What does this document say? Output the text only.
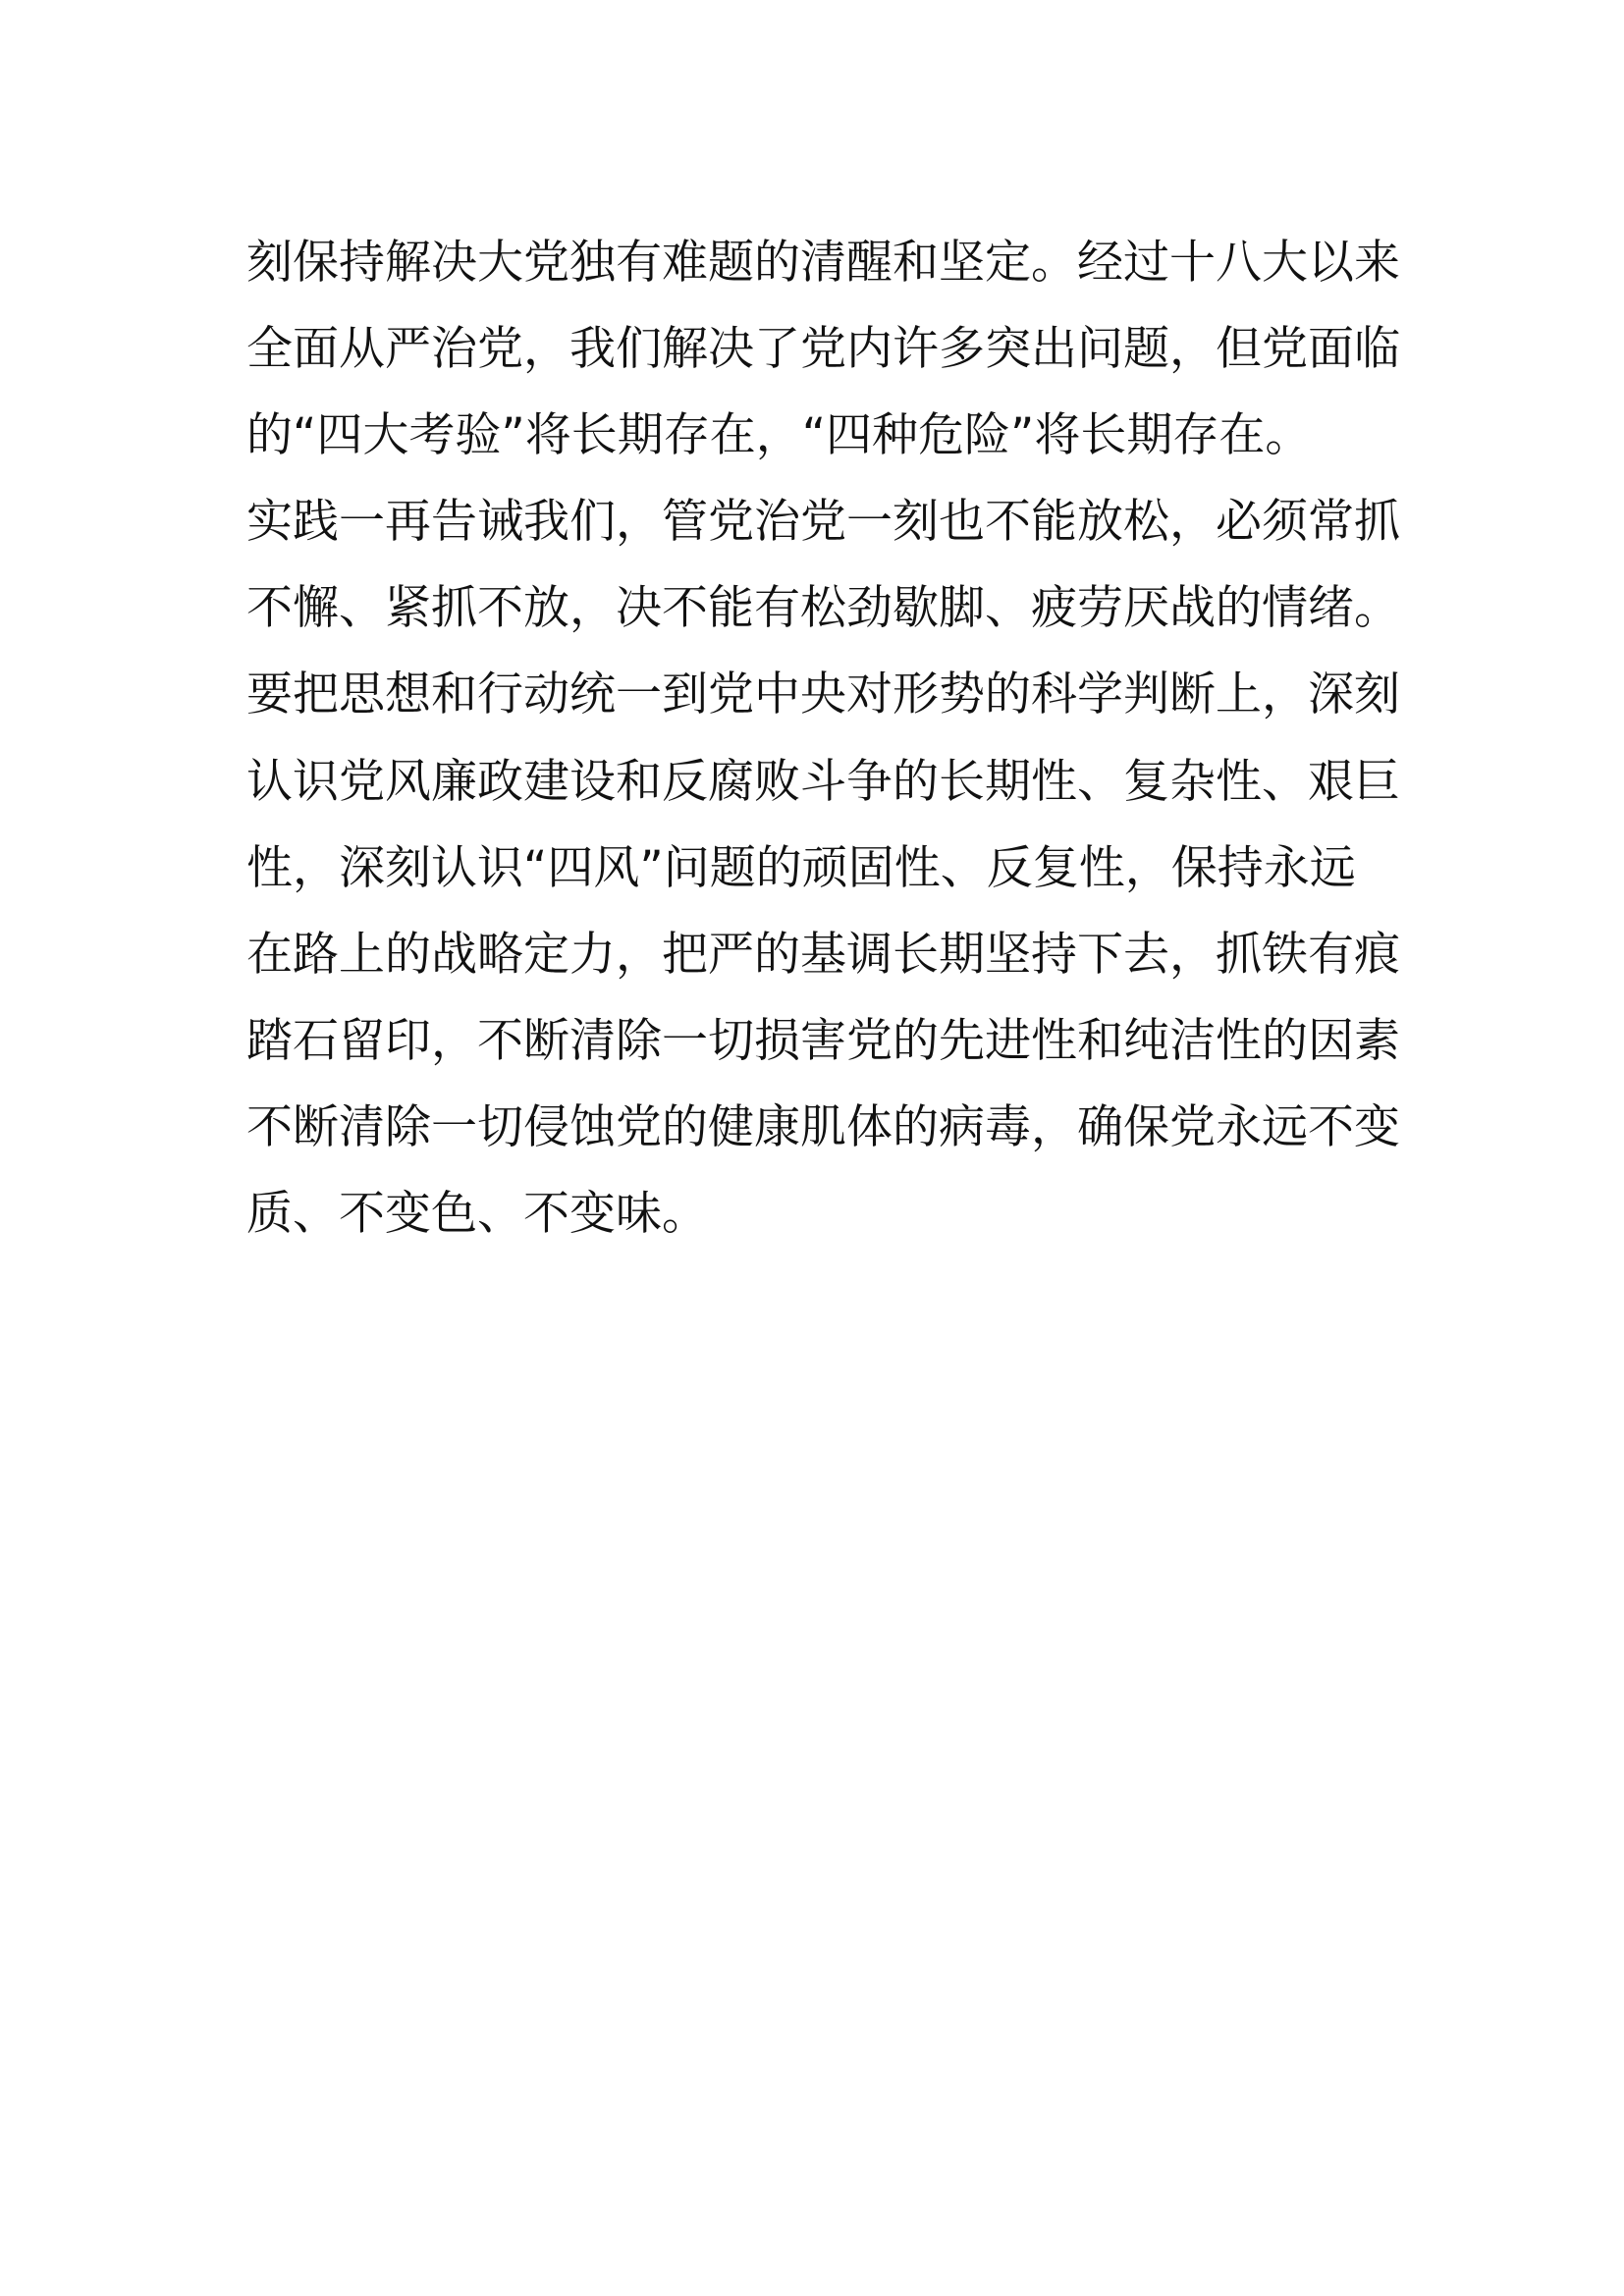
刻保持解决大党独有难题的清醒和坚定。经过十八大以来
全面从严治党，我们解决了党内许多突出问题，但党面临
的“四大考验”将长期存在，“四种危险”将长期存在。
实践一再告诫我们，管党治党一刻也不能放松，必须常抓
不懈、紧抓不放，决不能有松劲歇脚、疲劳厌战的情绪。
要把思想和行动统一到党中央对形势的科学判断上，深刻
认识党风廉政建设和反腐败斗争的长期性、复杂性、艰巨
性，深刻认识“四风”问题的顽固性、反复性，保持永远
在路上的战略定力，把严的基调长期坚持下去，抓铁有痕
踏石留印，不断清除一切损害党的先进性和纯洁性的因素
不断清除一切侵蚀党的健康肌体的病毒，确保党永远不变
质、不变色、不变味。
